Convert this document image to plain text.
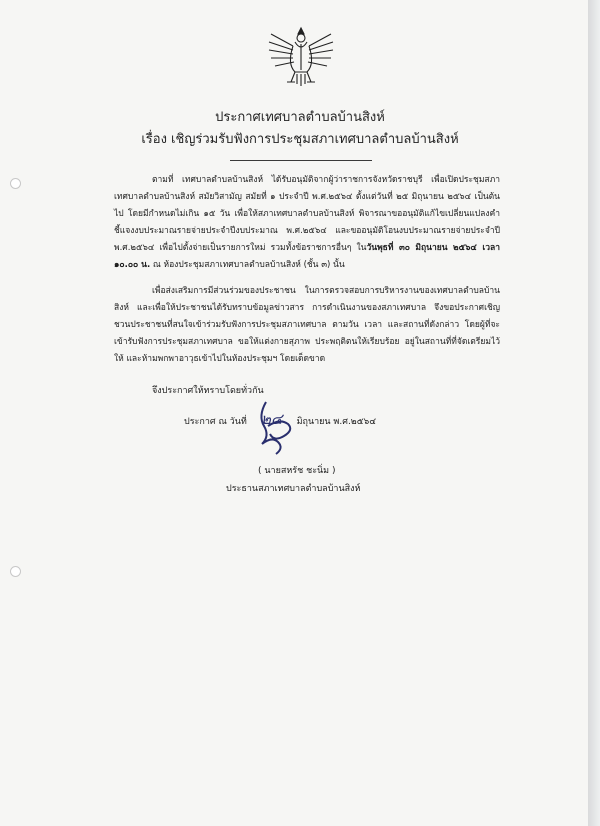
ประกาศเทศบาลตำบลบ้านสิงห์
เรื่อง เชิญร่วมรับฟังการประชุมสภาเทศบาลตำบลบ้านสิงห์
ตามที่ เทศบาลตำบลบ้านสิงห์ ได้รับอนุมัติจากผู้ว่าราชการจังหวัดราชบุรี เพื่อเปิดประชุมสภาเทศบาลตำบลบ้านสิงห์ สมัยวิสามัญ สมัยที่ ๑ ประจำปี พ.ศ.๒๕๖๔ ตั้งแต่วันที่ ๒๕ มิถุนายน ๒๕๖๔ เป็นต้นไป โดยมีกำหนดไม่เกิน ๑๕ วัน เพื่อให้สภาเทศบาลตำบลบ้านสิงห์ พิจารณาขออนุมัติแก้ไขเปลี่ยนแปลงคำชี้แจงงบประมาณรายจ่ายประจำปีงบประมาณ พ.ศ.๒๕๖๔ และขออนุมัติโอนงบประมาณรายจ่ายประจำปี พ.ศ.๒๕๖๔ เพื่อไปตั้งจ่ายเป็นรายการใหม่ รวมทั้งข้อราชการอื่นๆ ในวันพุธที่ ๓๐ มิถุนายน ๒๕๖๔ เวลา ๑๐.๐๐ น. ณ ห้องประชุมสภาเทศบาลตำบลบ้านสิงห์ (ชั้น ๓) นั้น
เพื่อส่งเสริมการมีส่วนร่วมของประชาชน ในการตรวจสอบการบริหารงานของเทศบาลตำบลบ้านสิงห์ และเพื่อให้ประชาชนได้รับทราบข้อมูลข่าวสาร การดำเนินงานของสภาเทศบาล จึงขอประกาศเชิญชวนประชาชนที่สนใจเข้าร่วมรับฟังการประชุมสภาเทศบาล ตามวัน เวลา และสถานที่ดังกล่าว โดยผู้ที่จะเข้ารับฟังการประชุมสภาเทศบาล ขอให้แต่งกายสุภาพ ประพฤติตนให้เรียบร้อย อยู่ในสถานที่ที่จัดเตรียมไว้ให้ และห้ามพกพาอาวุธเข้าไปในห้องประชุมฯ โดยเด็ดขาด
จึงประกาศให้ทราบโดยทั่วกัน
ประกาศ ณ วันที่ ๒๔ มิถุนายน พ.ศ.๒๕๖๔
( นายสหรัช ชะนิ่ม )
ประธานสภาเทศบาลตำบลบ้านสิงห์
